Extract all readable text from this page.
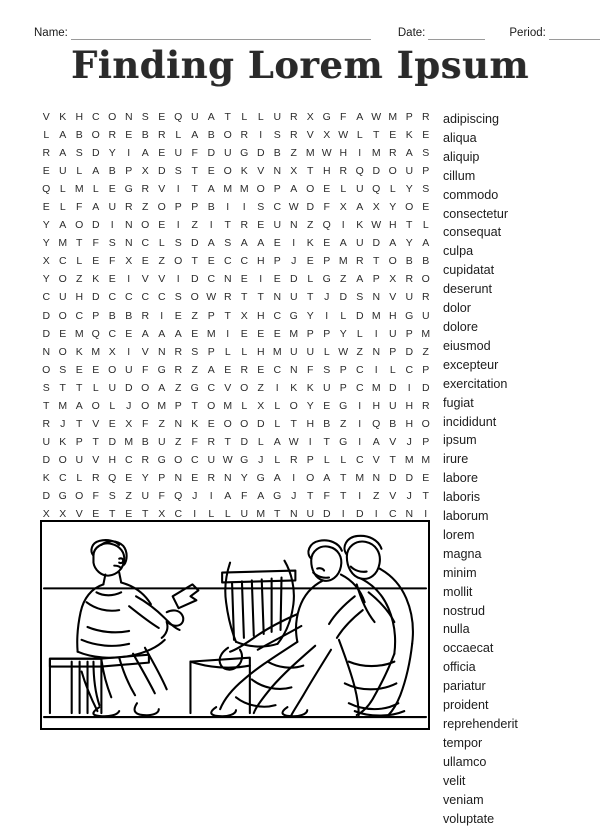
Name:	Date:	Period:
Finding Lorem Ipsum
V K H C O N S E Q U A T L	L U R X G F A W M P R
L A B O R E B R L A B O R	I	S R V X W L T E K E
R A S D Y	I	A E U F D U G D B Z M W H	I	M R A S
E U L A B P X D S T E O K V N X T H R Q D O U P
Q L M L E G R V	I	T A M M O P A O E L U Q L Y S
E L F A U R Z O P P B	I	I	S C W D F X A X Y O E
Y A O D	I	N O E	I	Z	I	T R E U N Z Q	I	K W H T L
Y M T F S N C L S D A S A A E	I	K E A U D A Y A
X C L E F X E Z O T E C C H P J E P M R T O B B
Y O Z K E	I	V V	I	D C N E	I	E D L G Z A P X R O
C U H D C C C C S O W R T T N U T	J D S N V U R
D O C P B B R	I	E Z P T X H C G Y	I	L D M H G U
D E M Q C E A A A E M	I	E E E M P P Y L	I	U P M
N O K M X	I	V N R S P L	L H M U U L W Z N P D Z
O S E E O U F G R Z A E R E C N F S P C	I	L C P
S T T L U D O A Z G C V O Z	I	K K U P C M D	I	D
T M A O L	J O M P T O M L X L O Y E G	I	H U H R
R J	T V E X F Z N K E O O D L T H B Z	I	Q B H O
U K P T D M B U Z F R T D L A W I	T G	I	A V J P
D O U V H C R G O C U W G J	L R P L	L C V T M M
K C L R Q E Y P N E R N Y G A	I	O A T M N D D E
D G O F S Z U F Q J	I	A F A G J	T F T	I	Z V J	T
X X V E T E T X C	I	L	L U M T N U D	I	D	I	C N	I
adipiscing
aliqua
aliquip
cillum
commodo
consectetur
consequat
culpa
cupidatat
deserunt
dolor
dolore
eiusmod
excepteur
exercitation
fugiat
incididunt
ipsum
irure
labore
laboris
laborum
lorem
magna
minim
mollit
nostrud
nulla
occaecat
officia
pariatur
proident
reprehenderit
tempor
ullamco
velit
veniam
voluptate
